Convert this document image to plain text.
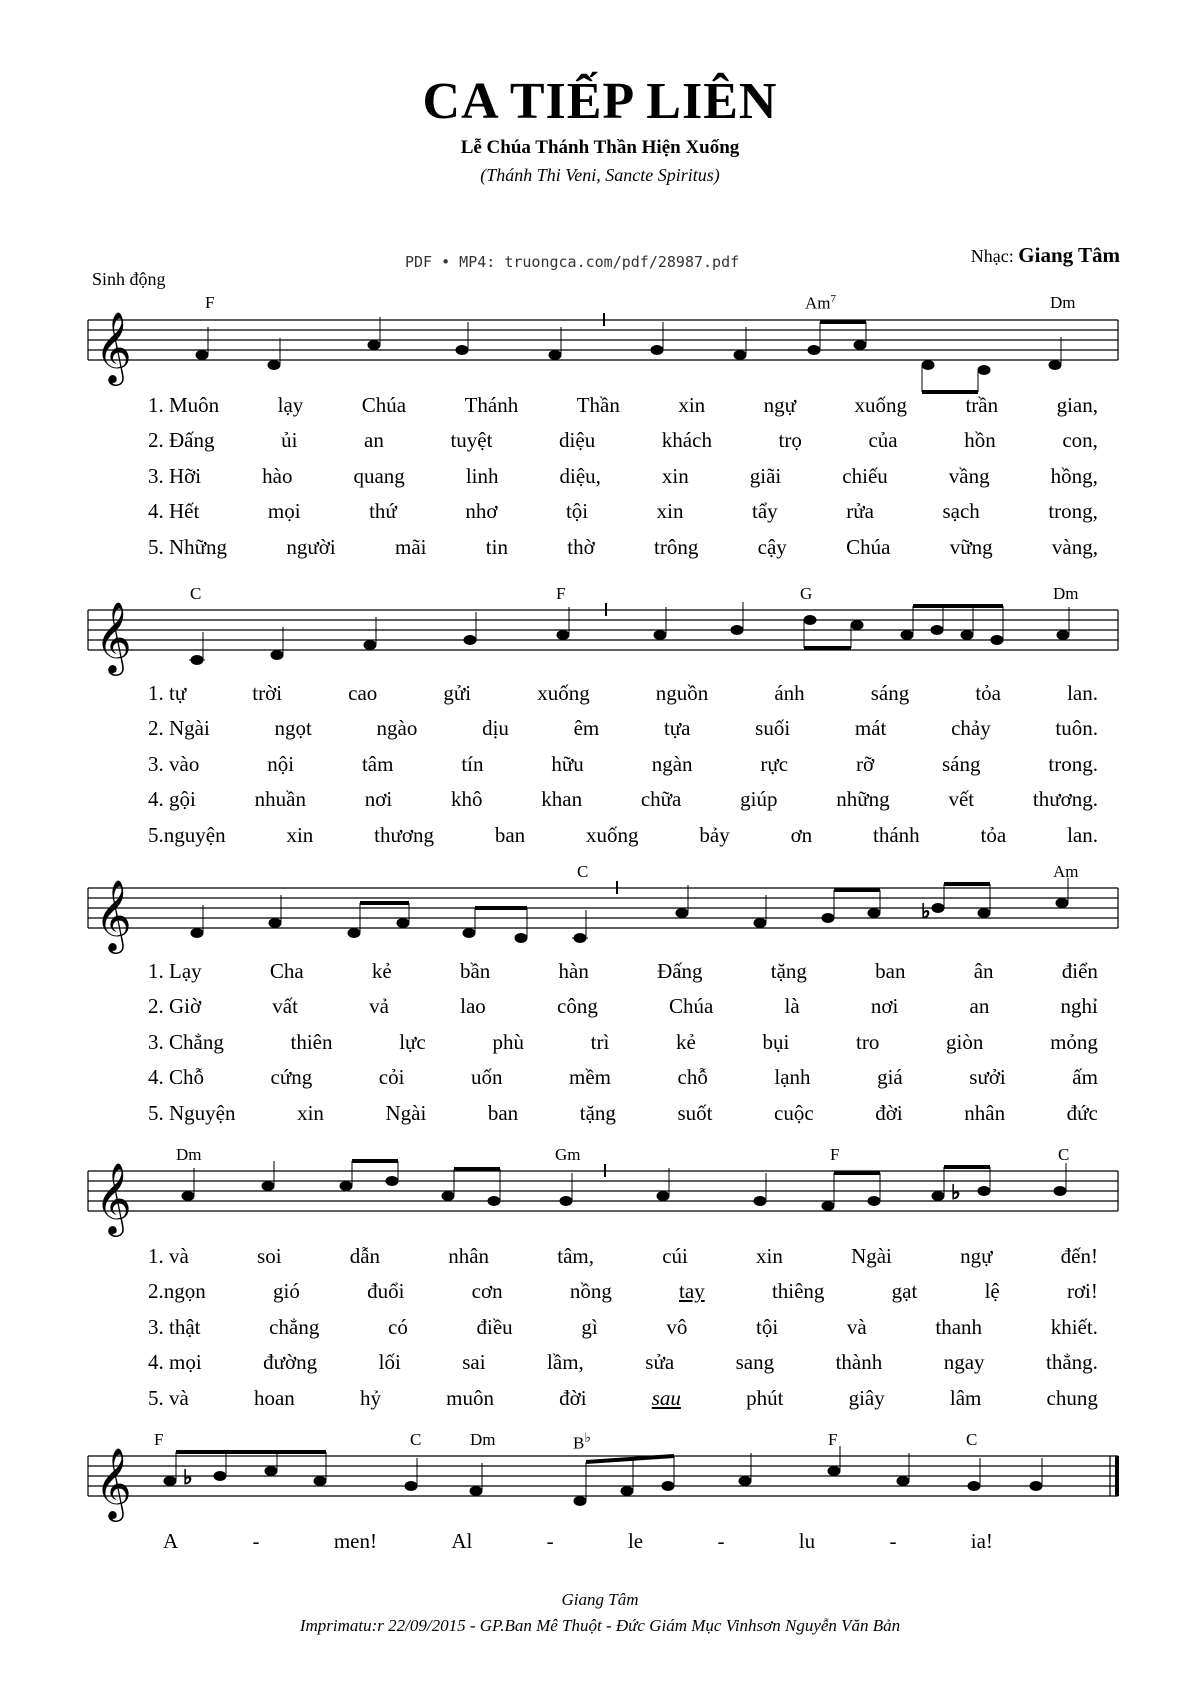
CA TIẾP LIÊN
Lễ Chúa Thánh Thần Hiện Xuống
(Thánh Thi Veni, Sancte Spiritus)
PDF • MP4: truongca.com/pdf/28987.pdf	Nhạc: Giang Tâm
Sinh động
F	Am$^7$	Dm
𝄞
1. Muôn	lạy	Chúa	Thánh	Thần	xin	ngự	xuống	trần	gian,
2. Đấng	ủi	an	tuyệt	diệu	khách	trọ	của	hồn	con,
3. Hỡi	hào	quang	linh	diệu,	xin	giãi	chiếu	vầng	hồng,
4. Hết	mọi	thứ	nhơ	tội	xin	tẩy	rửa	sạch	trong,
5. Những	người	mãi	tin	thờ	trông	cậy	Chúa	vững	vàng,
C	F	G	Dm
𝄞
1. tự	trời	cao	gửi	xuống	nguồn	ánh	sáng	tỏa	lan.
2. Ngài	ngọt	ngào	dịu	êm	tựa	suối	mát	chảy	tuôn.
3. vào	nội	tâm	tín	hữu	ngàn	rực	rỡ	sáng	trong.
4. gội	nhuần	nơi	khô	khan	chữa	giúp	những	vết	thương.
5.nguyện	xin	thương	ban	xuống	bảy	ơn	thánh	tỏa	lan.
C	Am
𝄞	♭
1. Lạy	Cha	kẻ	bần	hàn	Đấng	tặng	ban	ân	điển
2. Giờ	vất	vả	lao	công	Chúa	là	nơi	an	nghỉ
3. Chẳng	thiên	lực	phù	trì	kẻ	bụi	tro	giòn	mỏng
4. Chỗ	cứng	cỏi	uốn	mềm	chỗ	lạnh	giá	sưởi	ấm
5. Nguyện	xin	Ngài	ban	tặng	suốt	cuộc	đời	nhân	đức
Dm	Gm	F	C
𝄞	♭
1. và	soi	dẫn	nhân	tâm,	cúi	xin	Ngài	ngự	đến!
2.ngọn	gió	đuổi	cơn	nồng	tay	thiêng	gạt	lệ	rơi!
3. thật	chẳng	có	điều	gì	vô	tội	và	thanh	khiết.
4. mọi	đường	lối	sai	lầm,	sửa	sang	thành	ngay	thẳng.
5. và	hoan	hỷ	muôn	đời	sau	phút	giây	lâm	chung
F	C	Dm	B♭	F	C
𝄞	♭
A	-	men!	Al	-	le	-	lu	-	ia!
Giang Tâm
Imprimatu:r 22/09/2015 - GP.Ban Mê Thuột - Đức Giám Mục Vinhsơn Nguyễn Văn Bản
